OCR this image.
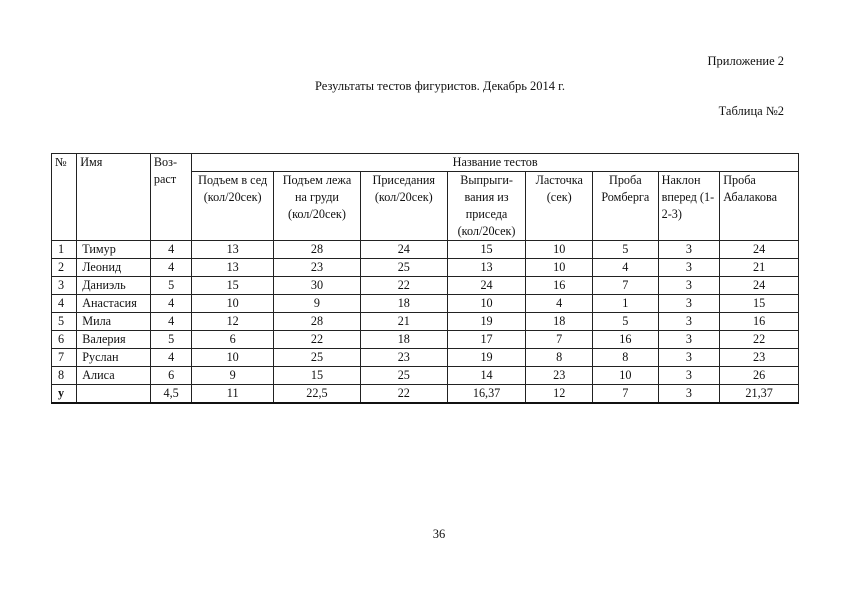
Приложение 2
Результаты тестов фигуристов. Декабрь 2014 г.
Таблица №2
№	Имя	Воз-раст	Название тестов							
			Подъем в сед (кол/20сек)	Подъем лежа на груди (кол/20сек)	Приседания (кол/20сек)	Выпрыги-вания из приседа (кол/20сек)	Ласточка (сек)	Проба Ромберга	Наклон вперед (1-2-3)	Проба Абалакова
1	Тимур	4	13	28	24	15	10	5	3	24
2	Леонид	4	13	23	25	13	10	4	3	21
3	Даниэль	5	15	30	22	24	16	7	3	24
4	Анастасия	4	10	9	18	10	4	1	3	15
5	Мила	4	12	28	21	19	18	5	3	16
6	Валерия	5	6	22	18	17	7	16	3	22
7	Руслан	4	10	25	23	19	8	8	3	23
8	Алиса	6	9	15	25	14	23	10	3	26
у		4,5	11	22,5	22	16,37	12	7	3	21,37
36
